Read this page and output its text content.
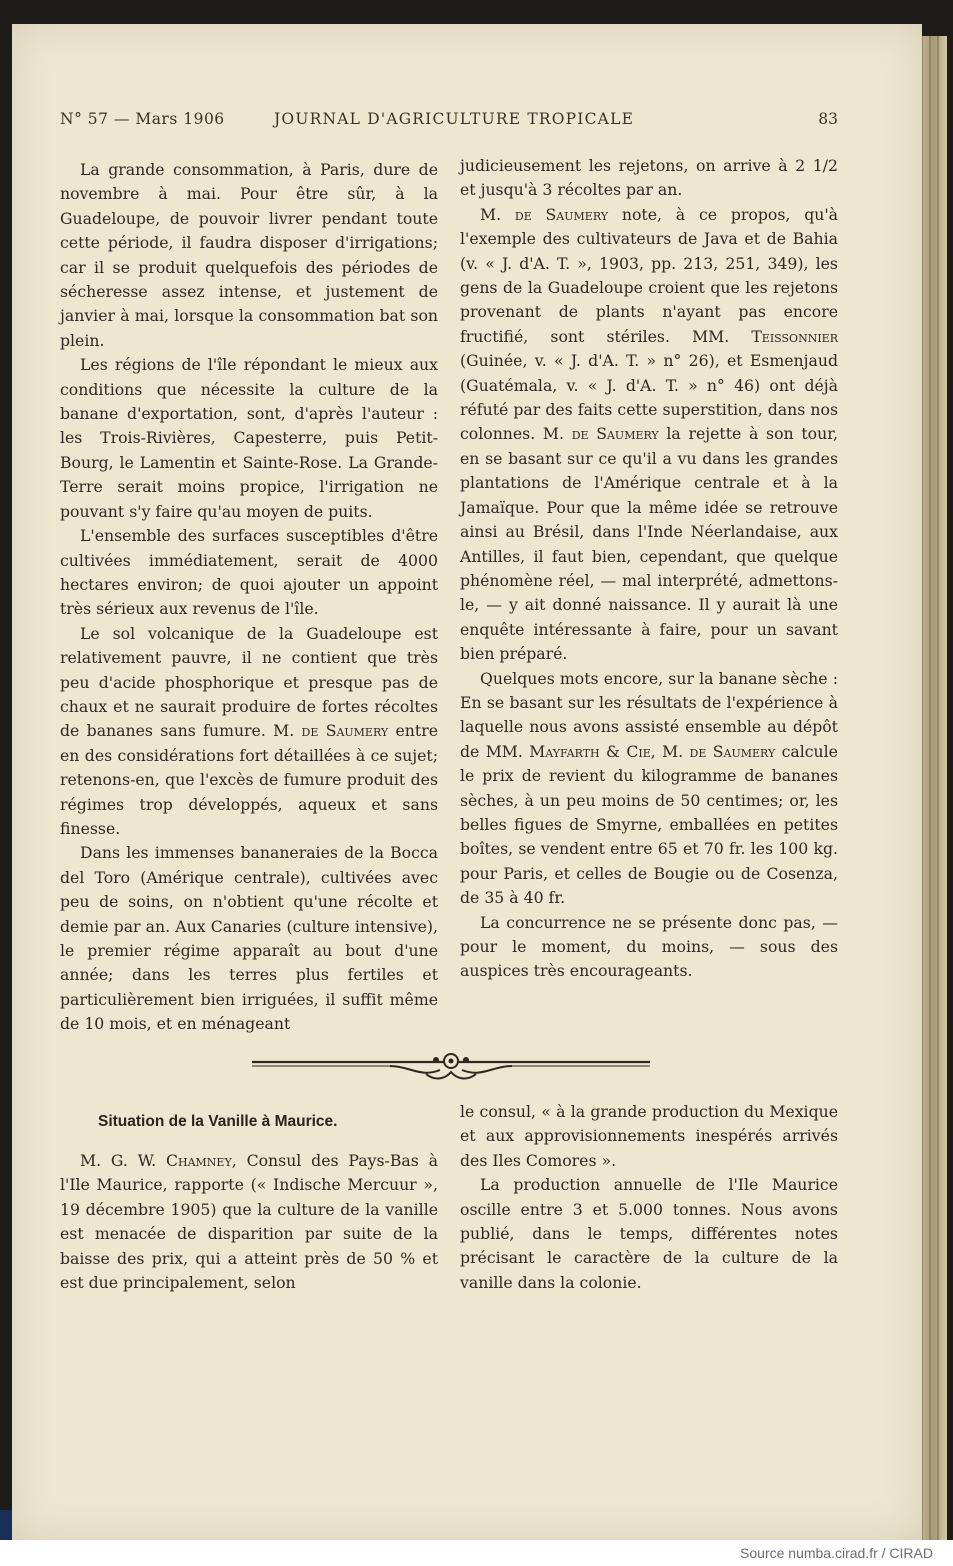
N° 57 — Mars 1906	JOURNAL D'AGRICULTURE TROPICALE	83

La grande consommation, à Paris, dure de novembre à mai. Pour être sûr, à la Guadeloupe, de pouvoir livrer pendant toute cette période, il faudra disposer d'irrigations; car il se produit quelquefois des périodes de sécheresse assez intense, et justement de janvier à mai, lorsque la consommation bat son plein.

Les régions de l'île répondant le mieux aux conditions que nécessite la culture de la banane d'exportation, sont, d'après l'auteur : les Trois-Rivières, Capesterre, puis Petit-Bourg, le Lamentin et Sainte-Rose. La Grande-Terre serait moins propice, l'irrigation ne pouvant s'y faire qu'au moyen de puits.

L'ensemble des surfaces susceptibles d'être cultivées immédiatement, serait de 4000 hectares environ; de quoi ajouter un appoint très sérieux aux revenus de l'île.

Le sol volcanique de la Guadeloupe est relativement pauvre, il ne contient que très peu d'acide phosphorique et presque pas de chaux et ne saurait produire de fortes récoltes de bananes sans fumure. M. de Saumery entre en des considérations fort détaillées à ce sujet; retenons-en, que l'excès de fumure produit des régimes trop développés, aqueux et sans finesse.

Dans les immenses bananeraies de la Bocca del Toro (Amérique centrale), cultivées avec peu de soins, on n'obtient qu'une récolte et demie par an. Aux Canaries (culture intensive), le premier régime apparaît au bout d'une année; dans les terres plus fertiles et particulièrement bien irriguées, il suffit même de 10 mois, et en ménageant

judicieusement les rejetons, on arrive à 2 1/2 et jusqu'à 3 récoltes par an.

M. de Saumery note, à ce propos, qu'à l'exemple des cultivateurs de Java et de Bahia (v. « J. d'A. T. », 1903, pp. 213, 251, 349), les gens de la Guadeloupe croient que les rejetons provenant de plants n'ayant pas encore fructifié, sont stériles. MM. Teissonnier (Guinée, v. « J. d'A. T. » n° 26), et Esmenjaud (Guatémala, v. « J. d'A. T. » n° 46) ont déjà réfuté par des faits cette superstition, dans nos colonnes. M. de Saumery la rejette à son tour, en se basant sur ce qu'il a vu dans les grandes plantations de l'Amérique centrale et à la Jamaïque. Pour que la même idée se retrouve ainsi au Brésil, dans l'Inde Néerlandaise, aux Antilles, il faut bien, cependant, que quelque phénomène réel, — mal interprété, admettons-le, — y ait donné naissance. Il y aurait là une enquête intéressante à faire, pour un savant bien préparé.

Quelques mots encore, sur la banane sèche : En se basant sur les résultats de l'expérience à laquelle nous avons assisté ensemble au dépôt de MM. Mayfarth & Cie, M. de Saumery calcule le prix de revient du kilogramme de bananes sèches, à un peu moins de 50 centimes; or, les belles figues de Smyrne, emballées en petites boîtes, se vendent entre 65 et 70 fr. les 100 kg. pour Paris, et celles de Bougie ou de Cosenza, de 35 à 40 fr.

La concurrence ne se présente donc pas, — pour le moment, du moins, — sous des auspices très encourageants.

Situation de la Vanille à Maurice.

M. G. W. Chamney, Consul des Pays-Bas à l'Ile Maurice, rapporte (« Indische Mercuur », 19 décembre 1905) que la culture de la vanille est menacée de disparition par suite de la baisse des prix, qui a atteint près de 50 % et est due principalement, selon

le consul, « à la grande production du Mexique et aux approvisionnements inespérés arrivés des Iles Comores ».

La production annuelle de l'Ile Maurice oscille entre 3 et 5.000 tonnes. Nous avons publié, dans le temps, différentes notes précisant le caractère de la culture de la vanille dans la colonie.

Source numba.cirad.fr / CIRAD
